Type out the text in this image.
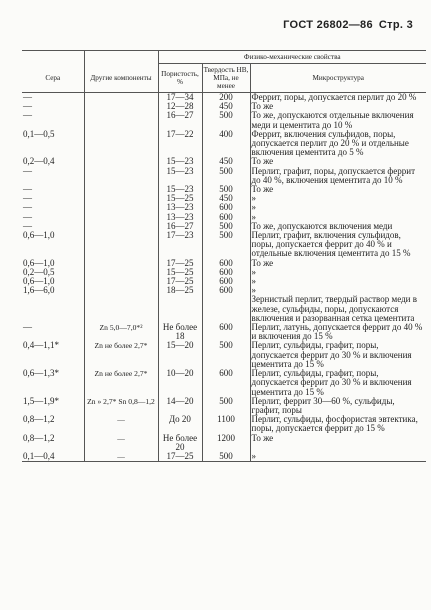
ГОСТ 26802—86 Стр. 3
		Физико-механические свойства		
Сера	Другие компоненты	Пористость, %	Твердость НВ, МПа, не менее	Микроструктура
—		17—34	200	Феррит, поры, допускается перлит до 20 %
—		12—28	450	То же
—		16—27	500	То же, допускаются отдельные включения меди и цементита до 10 %
0,1—0,5		17—22	400	Феррит, включения сульфидов, поры, допускается перлит до 20 % и отдельные включения цементита до 5 %
0,2—0,4		15—23	450	То же
—		15—23	500	Перлит, графит, поры, допускается феррит до 40 %, включения цементита до 10 %
—		15—23	500	То же
—		15—25	450	»
—		13—23	600	»
—		13—23	600	»
—		16—27	500	То же, допускаются включения меди
0,6—1,0		17—23	500	Перлит, графит, включения сульфидов, поры, допускается феррит до 40 % и отдельные включения цементита до 15 %
0,6—1,0		17—25	600	То же
0,2—0,5		15—25	600	»
0,6—1,0		17—25	600	»
1,6—6,0		18—25	600	»
				Зернистый перлит, твердый раствор меди в железе, сульфиды, поры, допускаются включения и разорванная сетка цементита
—	Zn 5,0—7,0*²	Не более 18	600	Перлит, латунь, допускается феррит до 40 % и включения до 15 %
0,4—1,1*	Zn не более 2,7*	15—20	500	Перлит, сульфиды, графит, поры, допускается феррит до 30 % и включения цементита до 15 %
0,6—1,3*	Zn не более 2,7*	10—20	600	Перлит, сульфиды, графит, поры, допускается феррит до 30 % и включения цементита до 15 %
1,5—1,9*	Zn » 2,7* Sn 0,8—1,2	14—20	500	Перлит, феррит 30—60 %, сульфиды, графит, поры
0,8—1,2	—	До 20	1100	Перлит, сульфиды, фосфористая эвтектика, поры, допускается феррит до 15 %
0,8—1,2	—	Не более 20	1200	То же
0,1—0,4	—	17—25	500	»
